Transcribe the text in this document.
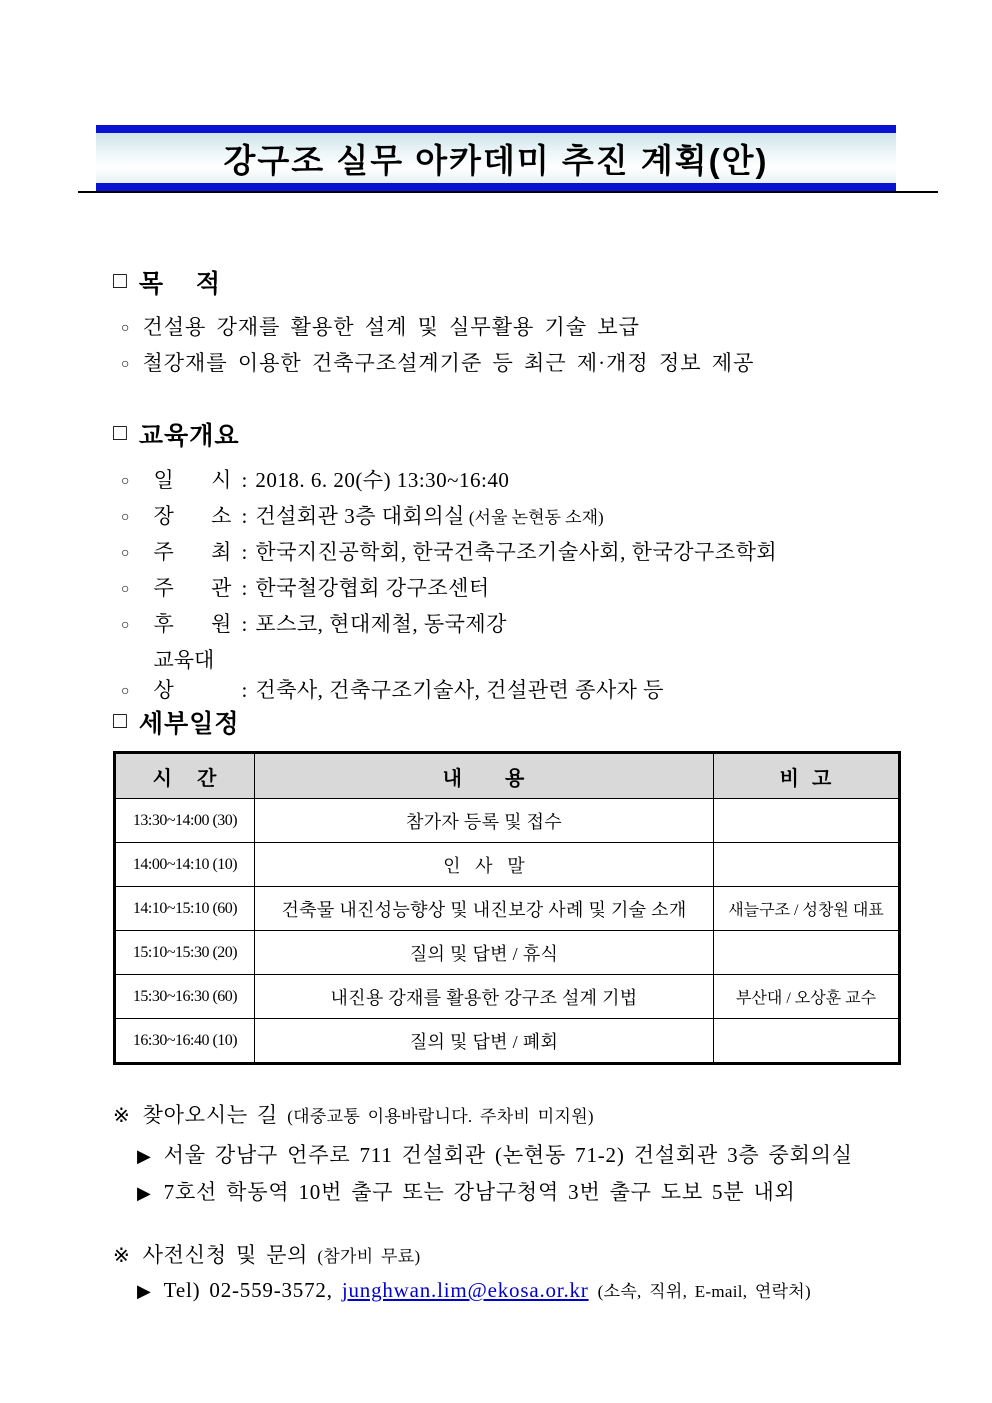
강구조 실무 아카데미 추진 계획(안)
□ 목    적
○ 건설용 강재를 활용한 설계 및 실무활용 기술 보급
○ 철강재를 이용한 건축구조설계기준 등 최근 제·개정 정보 제공
□ 교육개요
○ 일 시 : 2018. 6. 20(수) 13:30~16:40
○ 장 소 : 건설회관 3층 대회의실 (서울 논현동 소재)
○ 주 최 : 한국지진공학회, 한국건축구조기술사회, 한국강구조학회
○ 주 관 : 한국철강협회 강구조센터
○ 후 원 : 포스코, 현대제철, 동국제강
○교육대상	: 건축사, 건축구조기술사, 건설관련 종사자 등
□ 세부일정
시    간	내       용	비  고
13:30~14:00 (30)	참가자 등록 및 접수	
14:00~14:10 (10)	인   사   말	
14:10~15:10 (60)	건축물 내진성능향상 및 내진보강 사례 및 기술 소개	새늘구조 / 성창원 대표
15:10~15:30 (20)	질의 및 답변 / 휴식	
15:30~16:30 (60)	내진용 강재를 활용한 강구조 설계 기법	부산대 / 오상훈 교수
16:30~16:40 (10)	질의 및 답변 / 폐회	
※ 찾아오시는 길 (대중교통 이용바랍니다. 주차비 미지원)
▶ 서울 강남구 언주로 711 건설회관 (논현동 71-2) 건설회관 3층 중회의실
▶ 7호선 학동역 10번 출구 또는 강남구청역 3번 출구 도보 5분 내외
※ 사전신청 및 문의 (참가비 무료)
▶ Tel) 02-559-3572, junghwan.lim@ekosa.or.kr (소속, 직위, E-mail, 연락처)
